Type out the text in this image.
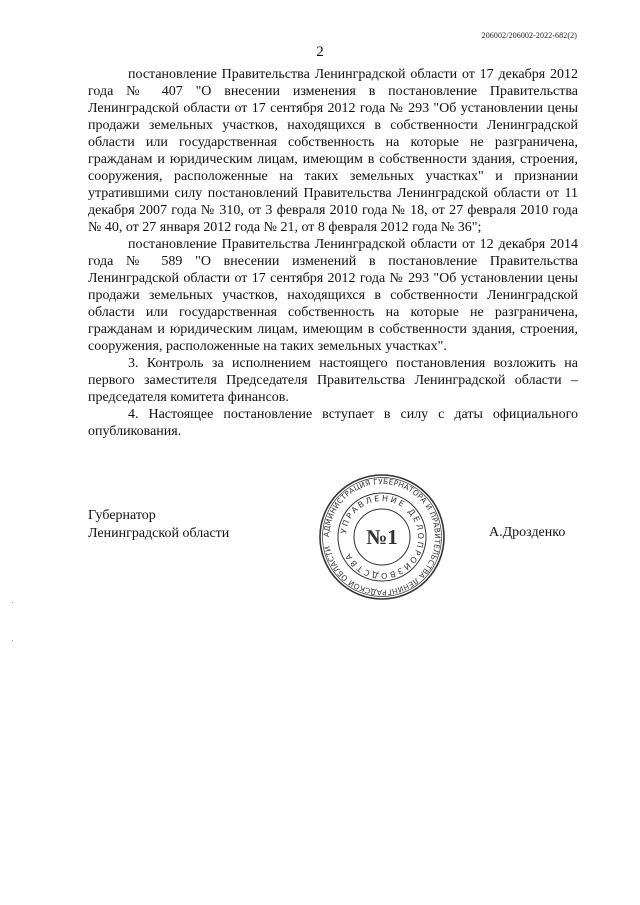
206002/206002-2022-682(2)
2

постановление Правительства Ленинградской области от 17 декабря 2012 года № 407 "О внесении изменения в постановление Правительства Ленинградской области от 17 сентября 2012 года № 293 "Об установлении цены продажи земельных участков, находящихся в собственности Ленинградской области или государственная собственность на которые не разграничена, гражданам и юридическим лицам, имеющим в собственности здания, строения, сооружения, расположенные на таких земельных участках" и признании утратившими силу постановлений Правительства Ленинградской области от 11 декабря 2007 года № 310, от 3 февраля 2010 года № 18, от 27 февраля 2010 года № 40, от 27 января 2012 года № 21, от 8 февраля 2012 года № 36";

постановление Правительства Ленинградской области от 12 декабря 2014 года № 589 "О внесении изменений в постановление Правительства Ленинградской области от 17 сентября 2012 года № 293 "Об установлении цены продажи земельных участков, находящихся в собственности Ленинградской области или государственная собственность на которые не разграничена, гражданам и юридическим лицам, имеющим в собственности здания, строения, сооружения, расположенные на таких земельных участках".

3. Контроль за исполнением настоящего постановления возложить на первого заместителя Председателя Правительства Ленинградской области – председателя комитета финансов.

4. Настоящее постановление вступает в силу с даты официального опубликования.

Губернатор
Ленинградской области	А.Дрозденко
АДМИНИСТРАЦИЯ ГУБЕРНАТОРА И ПРАВИТЕЛЬСТВА ЛЕНИНГРАДСКОЙ ОБЛАСТИ
УПРАВЛЕНИЕ ДЕЛОПРОИЗВОДСТВА
№1
